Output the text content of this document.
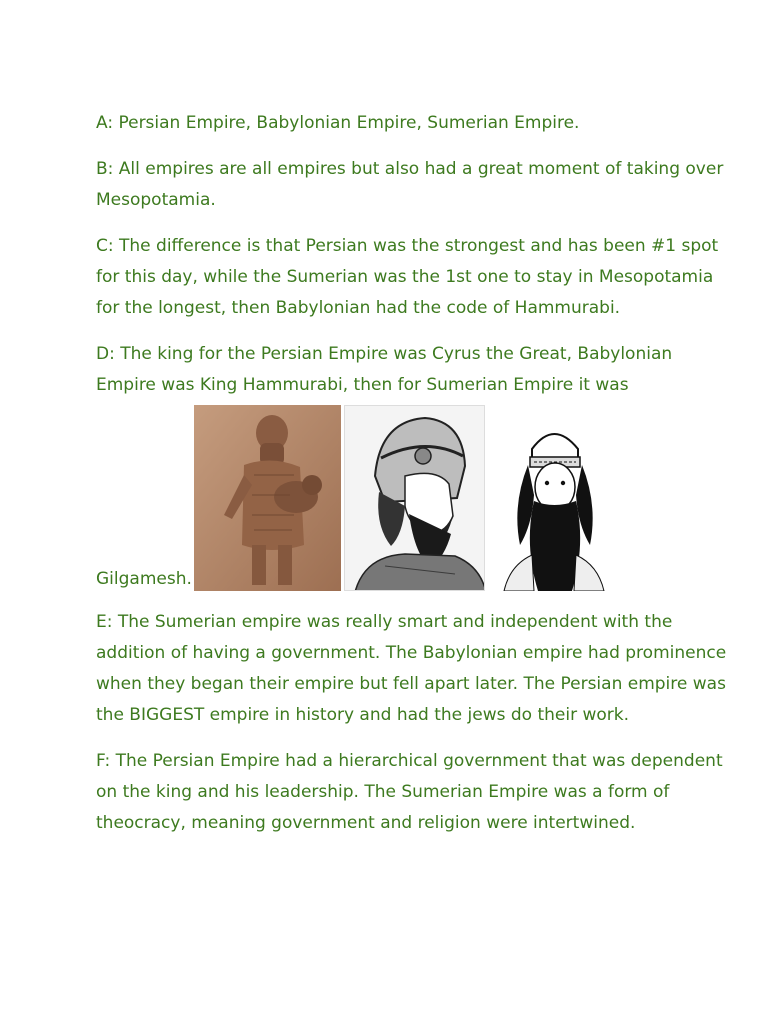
A: Persian Empire, Babylonian Empire, Sumerian Empire.

B: All empires are all empires but also had a great moment of taking over Mesopotamia.

C: The difference is that Persian was the strongest and has been #1 spot for this day, while the Sumerian was the 1st one to stay in Mesopotamia for the longest, then Babylonian had the code of Hammurabi.

D: The king for the Persian Empire was Cyrus the Great, Babylonian Empire was King Hammurabi, then for Sumerian Empire it was

Gilgamesh.

E: The Sumerian empire was really smart and independent with the addition of having a government. The Babylonian empire had prominence when they began their empire but fell apart later. The Persian empire was the BIGGEST empire in history and had the jews do their work.

F: The Persian Empire had a hierarchical government that was dependent on the king and his leadership. The Sumerian Empire was a form of theocracy, meaning government and religion were intertwined.
